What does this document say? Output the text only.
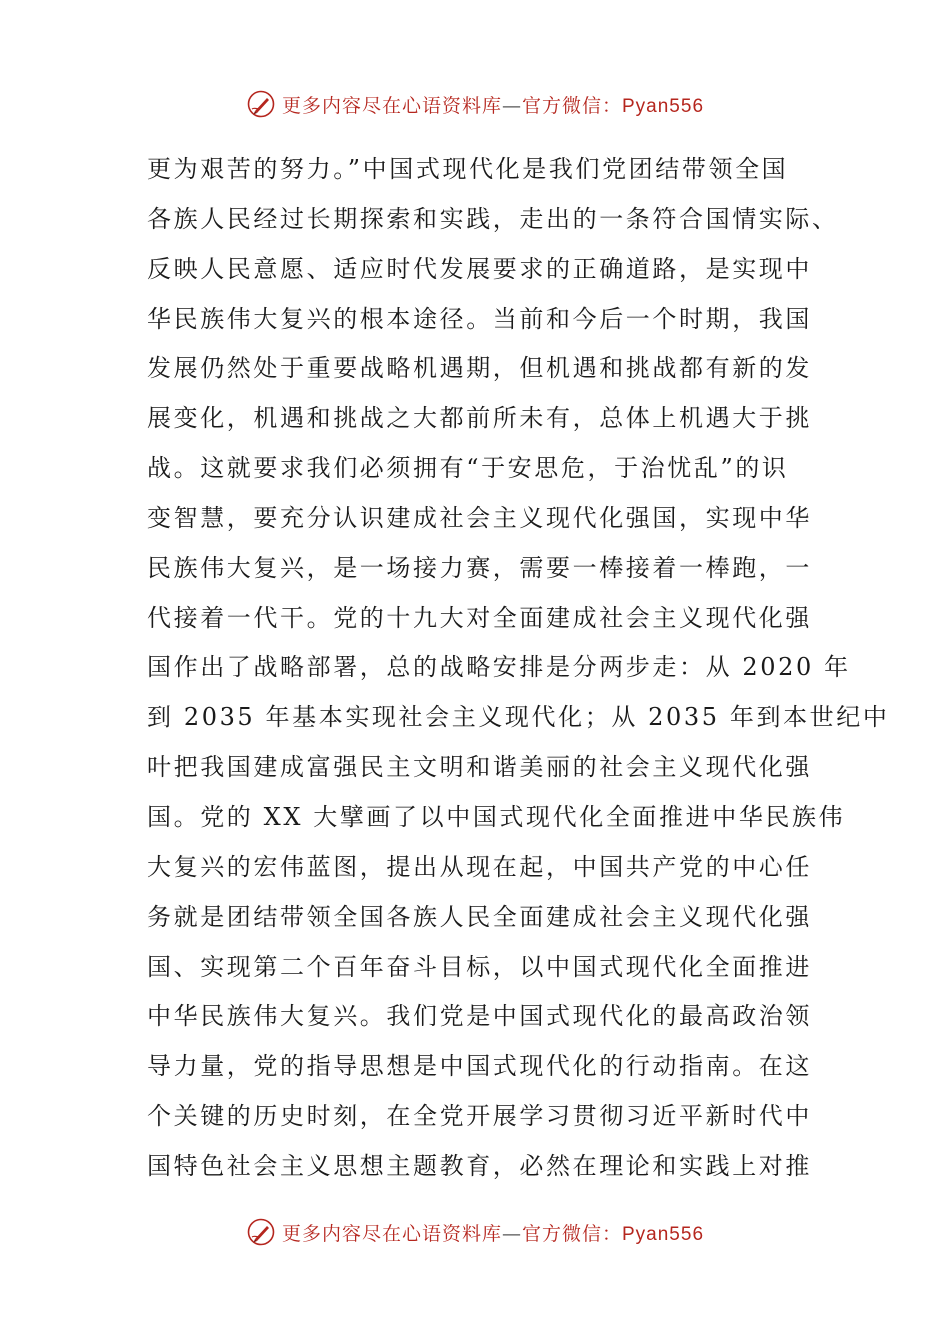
更多内容尽在心语资料库—官方微信：Pyan556
更为艰苦的努力。”中国式现代化是我们党团结带领全国
各族人民经过长期探索和实践，走出的一条符合国情实际、
反映人民意愿、适应时代发展要求的正确道路，是实现中
华民族伟大复兴的根本途径。当前和今后一个时期，我国
发展仍然处于重要战略机遇期，但机遇和挑战都有新的发
展变化，机遇和挑战之大都前所未有，总体上机遇大于挑
战。这就要求我们必须拥有“于安思危，于治忧乱”的识
变智慧，要充分认识建成社会主义现代化强国，实现中华
民族伟大复兴，是一场接力赛，需要一棒接着一棒跑，一
代接着一代干。党的十九大对全面建成社会主义现代化强
国作出了战略部署，总的战略安排是分两步走：从 2020 年
到 2035 年基本实现社会主义现代化；从 2035 年到本世纪中
叶把我国建成富强民主文明和谐美丽的社会主义现代化强
国。党的 XX 大擘画了以中国式现代化全面推进中华民族伟
大复兴的宏伟蓝图，提出从现在起，中国共产党的中心任
务就是团结带领全国各族人民全面建成社会主义现代化强
国、实现第二个百年奋斗目标，以中国式现代化全面推进
中华民族伟大复兴。我们党是中国式现代化的最高政治领
导力量，党的指导思想是中国式现代化的行动指南。在这
个关键的历史时刻，在全党开展学习贯彻习近平新时代中
国特色社会主义思想主题教育，必然在理论和实践上对推
更多内容尽在心语资料库—官方微信：Pyan556
